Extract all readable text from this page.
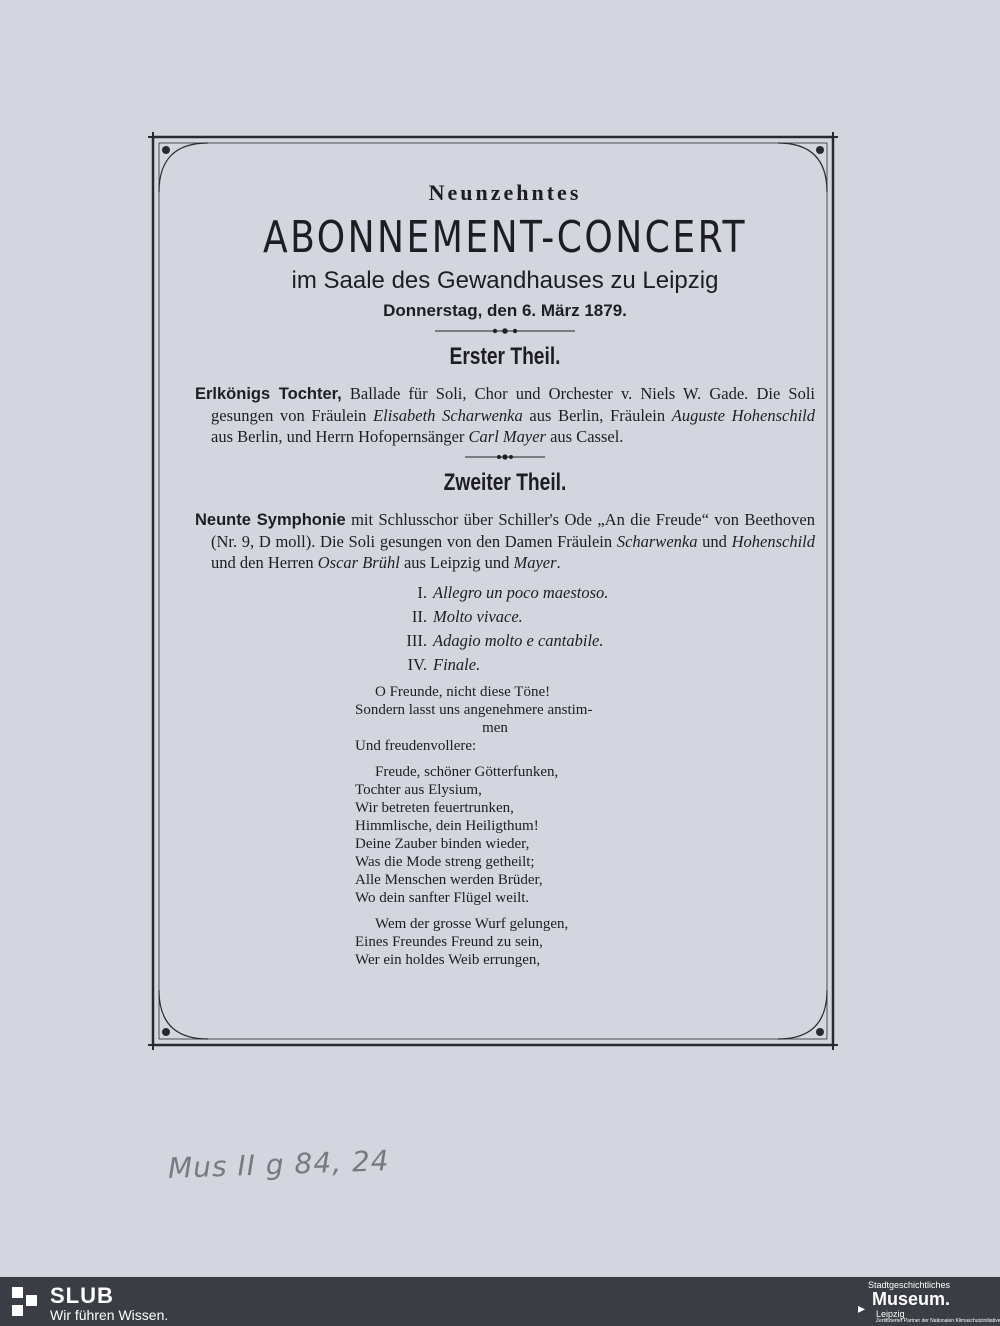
Neunzehntes
ABONNEMENT-CONCERT
im Saale des Gewandhauses zu Leipzig
Donnerstag, den 6. März 1879.
Erster Theil.
Erlkönigs Tochter, Ballade für Soli, Chor und Orchester v. Niels W. Gade. Die Soli gesungen von Fräulein Elisabeth Scharwenka aus Berlin, Fräulein Auguste Hohenschild aus Berlin, und Herrn Hofopernsänger Carl Mayer aus Cassel.
Zweiter Theil.
Neunte Symphonie mit Schlusschor über Schiller's Ode „An die Freude“ von Beethoven (Nr. 9, D moll). Die Soli gesungen von den Damen Fräulein Scharwenka und Hohenschild und den Herren Oscar Brühl aus Leipzig und Mayer.
I. Allegro un poco maestoso.
II. Molto vivace.
III. Adagio molto e cantabile.
IV. Finale.
O Freunde, nicht diese Töne!
Sondern lasst uns angenehmere anstim-
men
Und freudenvollere:
Freude, schöner Götterfunken,
Tochter aus Elysium,
Wir betreten feuertrunken,
Himmlische, dein Heiligthum!
Deine Zauber binden wieder,
Was die Mode streng getheilt;
Alle Menschen werden Brüder,
Wo dein sanfter Flügel weilt.
Wem der grosse Wurf gelungen,
Eines Freundes Freund zu sein,
Wer ein holdes Weib errungen,
Mus II g 84, 24
SLUB
Wir führen Wissen.
Stadtgeschichtliches
Museum.
▸ Leipzig
Zertifizierter Partner der Nationalen Klimaschutzinitiative
